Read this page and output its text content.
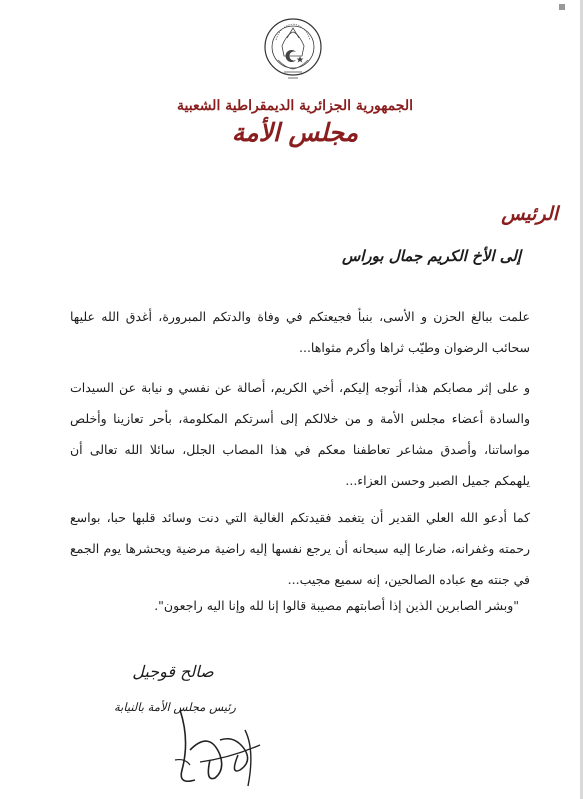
الجمهورية الجزائرية الديمقراطية الشعبية
مجلس الأمة
الرئيس
إلى الأخ الكريم جمال بوراس
علمت ببالغ الحزن و الأسى، بنبأ فجيعتكم في وفاة والدتكم المبرورة، أغدق الله عليها سحائب الرضوان وطيّب ثراها وأكرم مثواها...
و على إثر مصابكم هذا، أتوجه إليكم، أخي الكريم، أصالة عن نفسي و نيابة عن السيدات والسادة أعضاء مجلس الأمة و من خلالكم إلى أسرتكم المكلومة، بأحر تعازينا وأخلص مواساتنا، وأصدق مشاعر تعاطفنا معكم في هذا المصاب الجلل، سائلا الله تعالى أن يلهمكم جميل الصبر وحسن العزاء...
كما أدعو الله العلي القدير أن يتغمد فقيدتكم الغالية التي دنت وسائد قلبها حبا، بواسع رحمته وغفرانه، ضارعا إليه سبحانه أن يرجع نفسها إليه راضية مرضية ويحشرها يوم الجمع في جنته مع عباده الصالحين، إنه سميع مجيب...
"وبشر الصابرين الذين إذا أصابتهم مصيبة قالوا إنا لله وإنا اليه راجعون".
صالح قوجيل
رئيس مجلس الأمة بالنيابة
